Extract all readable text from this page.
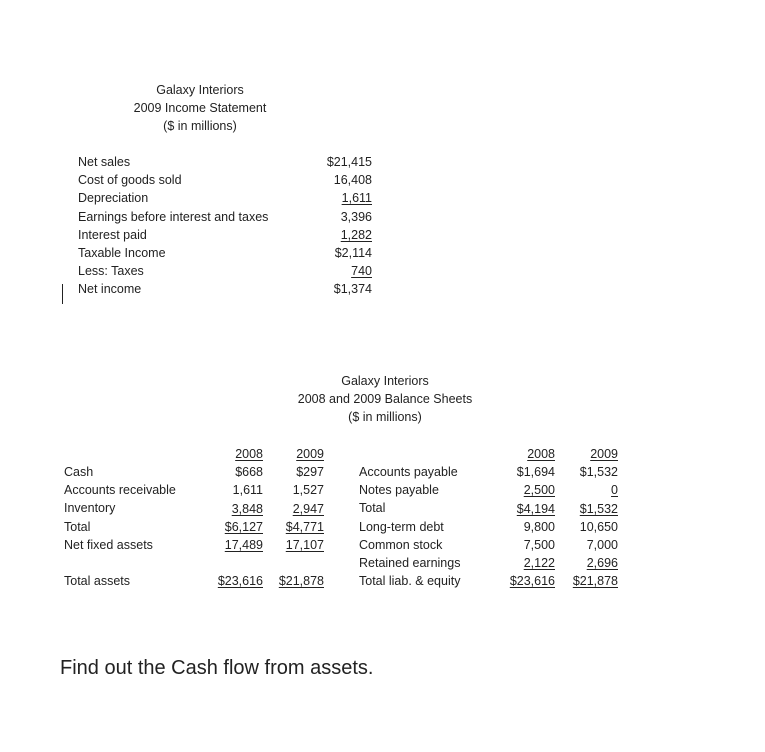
Galaxy Interiors
2009 Income Statement
($ in millions)
Net sales
Cost of goods sold
Depreciation
Earnings before interest and taxes
Interest paid
Taxable Income
Less: Taxes
Net income
$21,415
16,408
1,611
3,396
1,282
$2,114
740
$1,374
Galaxy Interiors
2008 and 2009 Balance Sheets
($ in millions)
Cash
Accounts receivable
Inventory
Total
Net fixed assets

Total assets
2008
$668
1,611
3,848
$6,127
17,489

$23,616
2009
$297
1,527
2,947
$4,771
17,107

$21,878
Accounts payable
Notes payable
Total
Long-term debt
Common stock
Retained earnings
Total liab. & equity
2008
$1,694
2,500
$4,194
9,800
7,500
2,122
$23,616
2009
$1,532
0
$1,532
10,650
7,000
2,696
$21,878
Find out the Cash flow from assets.
